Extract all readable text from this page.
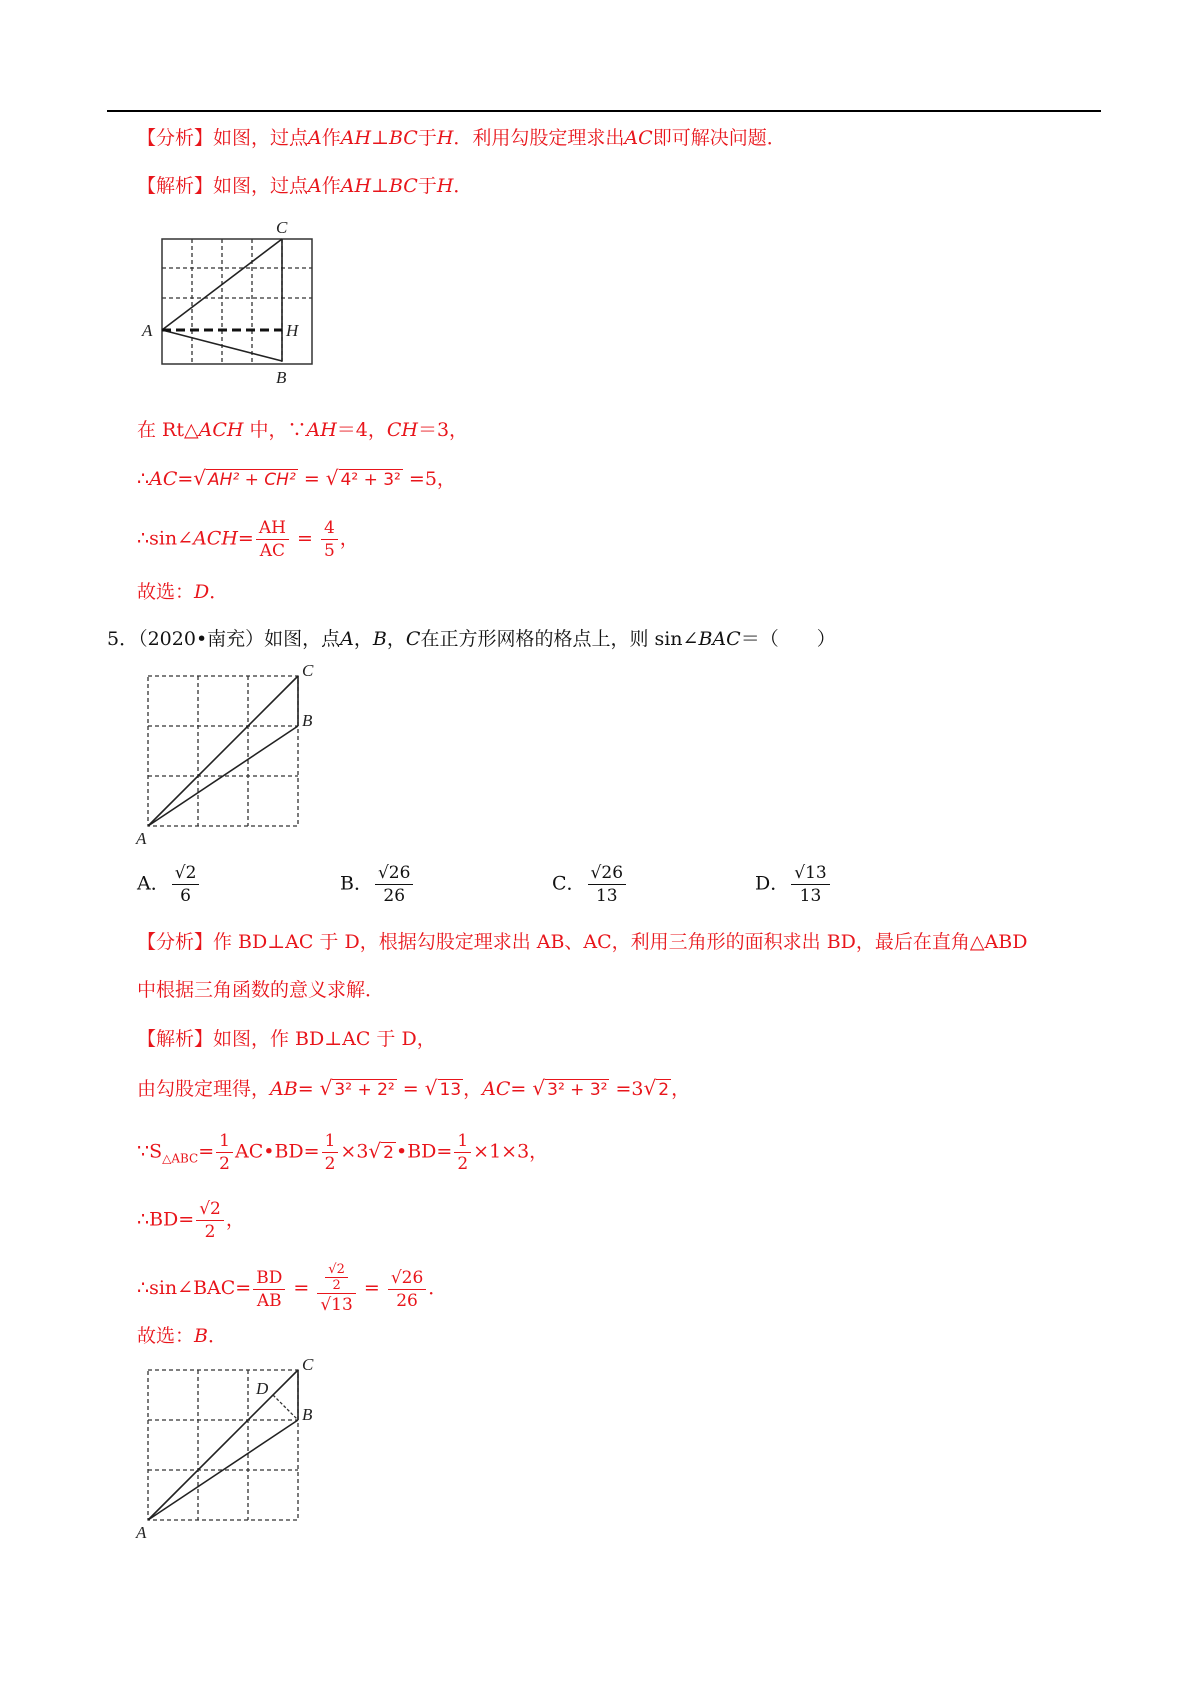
【分析】如图，过点A作AH⊥BC于H．利用勾股定理求出AC即可解决问题．
【解析】如图，过点A作AH⊥BC于H．
C
A	H
B
在 Rt△ACH 中，∵AH＝4，CH＝3，
∴AC=√ AH² + CH² = √ 4² + 3² =5，
∴sin∠ACH= $\frac{AH}{AC} = \frac{4}{5}$ ，
故选：D．
5．（2020•南充）如图，点A，B，C在正方形网格的格点上，则 sin∠BAC＝（　　）
C
B
A
A． $\frac{√2}{6}$	B． $\frac{√26}{26}$	C． $\frac{√26}{13}$	D． $\frac{√13}{13}$
【分析】作 BD⊥AC 于 D，根据勾股定理求出 AB、AC，利用三角形的面积求出 BD，最后在直角△ABD
中根据三角函数的意义求解．
【解析】如图，作 BD⊥AC 于 D，
由勾股定理得，AB= √ 3² + 2² = √ 13 ，AC= √ 3² + 3² =3√ 2 ，
$\because S_{\triangle ABC}= \frac{1}{2}$ AC•BD= $\frac{1}{2} \times 3√$ 2 •BD= $\frac{1}{2} \times 1\times 3$，
∴BD= $\frac{√2}{2}$ ，
∴sin∠BAC= $\frac{BD}{AB} = \frac{\frac{√2}{2}}{√13} = \frac{√26}{26}$ ．
故选：B．
C
B
D
A
